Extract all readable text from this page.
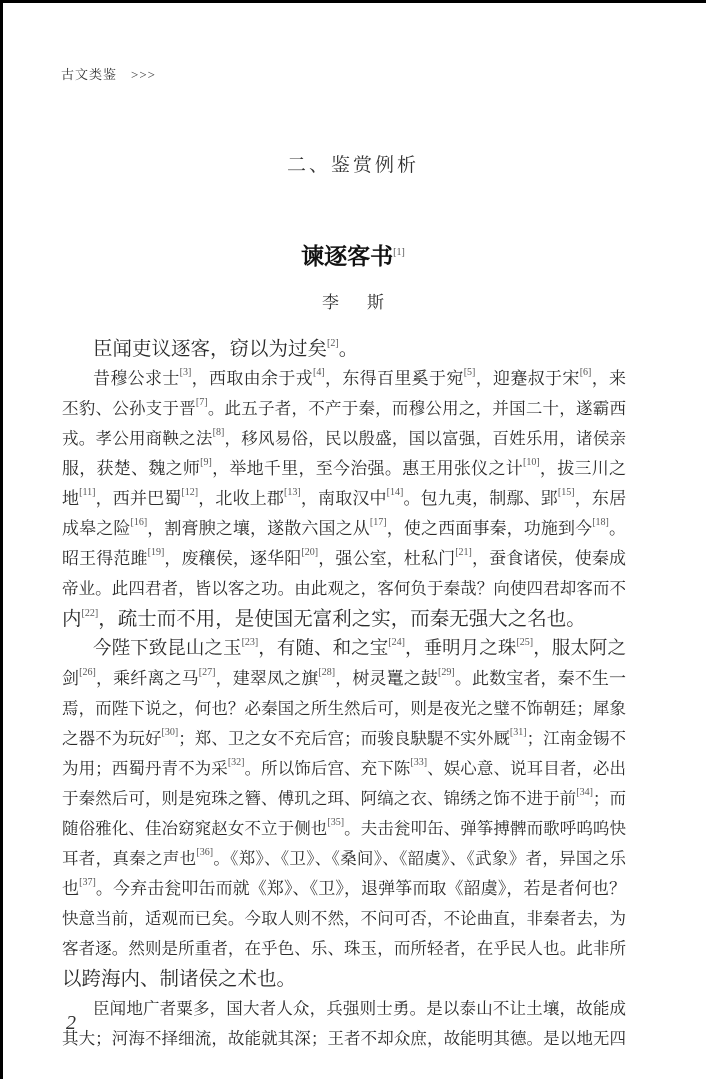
古文类鉴 >>>
二、鉴赏例析
谏逐客书[1]
李 斯
臣闻吏议逐客，窃以为过矣[2]。
昔穆公求士[3]，西取由余于戎[4]，东得百里奚于宛[5]，迎蹇叔于宋[6]，来
丕豹、公孙支于晋[7]。此五子者，不产于秦，而穆公用之，并国二十，遂霸西
戎。孝公用商鞅之法[8]，移风易俗，民以殷盛，国以富强，百姓乐用，诸侯亲
服，获楚、魏之师[9]，举地千里，至今治强。惠王用张仪之计[10]，拔三川之
地[11]，西并巴蜀[12]，北收上郡[13]，南取汉中[14]。包九夷，制鄢、郢[15]，东居
成皋之险[16]，割膏腴之壤，遂散六国之从[17]，使之西面事秦，功施到今[18]。
昭王得范雎[19]，废穰侯，逐华阳[20]，强公室，杜私门[21]，蚕食诸侯，使秦成
帝业。此四君者，皆以客之功。由此观之，客何负于秦哉？向使四君却客而不
内[22]，疏士而不用，是使国无富利之实，而秦无强大之名也。
今陛下致昆山之玉[23]，有随、和之宝[24]，垂明月之珠[25]，服太阿之
剑[26]，乘纤离之马[27]，建翠凤之旗[28]，树灵鼍之鼓[29]。此数宝者，秦不生一
焉，而陛下说之，何也？必秦国之所生然后可，则是夜光之璧不饰朝廷；犀象
之器不为玩好[30]；郑、卫之女不充后宫；而骏良駃騠不实外厩[31]；江南金锡不
为用；西蜀丹青不为采[32]。所以饰后宫、充下陈[33]、娱心意、说耳目者，必出
于秦然后可，则是宛珠之簪、傅玑之珥、阿缟之衣、锦绣之饰不进于前[34]；而
随俗雅化、佳冶窈窕赵女不立于侧也[35]。夫击瓮叩缶、弹筝搏髀而歌呼呜呜快
耳者，真秦之声也[36]。《郑》、《卫》、《桑间》、《韶虞》、《武象》者，异国之乐
也[37]。今弃击瓮叩缶而就《郑》、《卫》，退弹筝而取《韶虞》，若是者何也？
快意当前，适观而已矣。今取人则不然，不问可否，不论曲直，非秦者去，为
客者逐。然则是所重者，在乎色、乐、珠玉，而所轻者，在乎民人也。此非所
以跨海内、制诸侯之术也。
臣闻地广者粟多，国大者人众，兵强则士勇。是以泰山不让土壤，故能成
其大；河海不择细流，故能就其深；王者不却众庶，故能明其德。是以地无四
2
